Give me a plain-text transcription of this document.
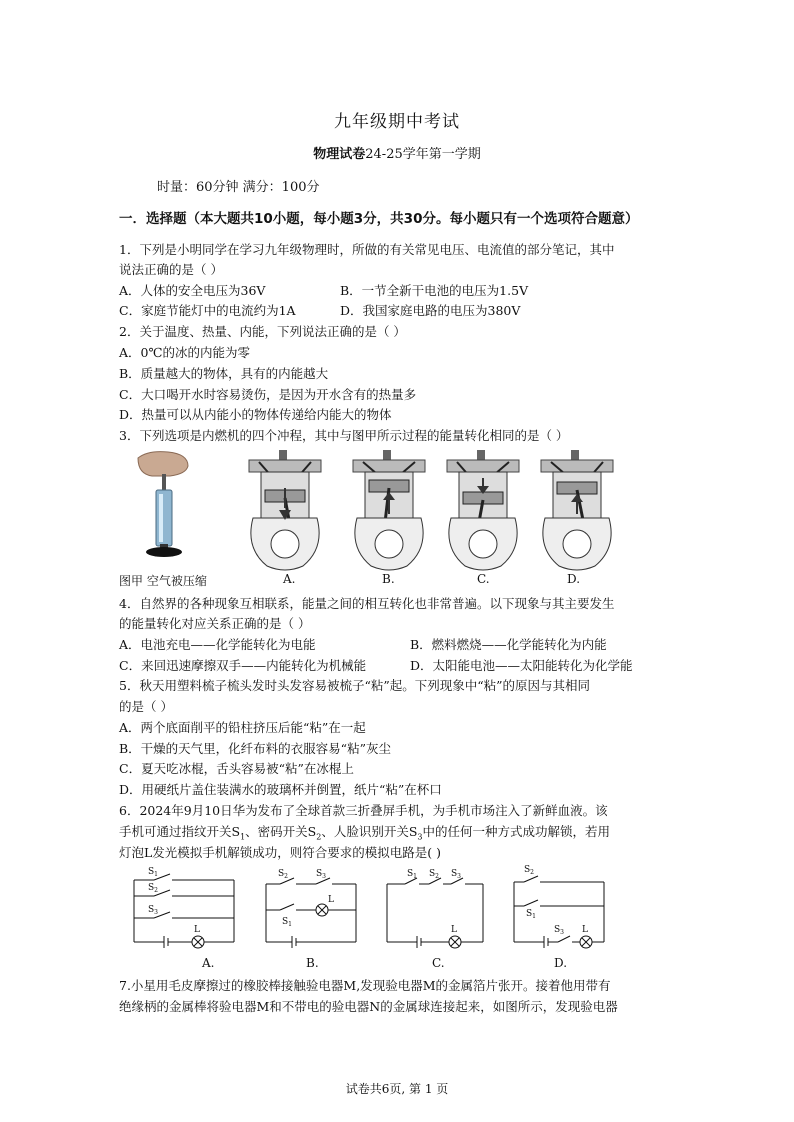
九年级期中考试
物理试卷24-25学年第一学期
时量：60分钟 满分：100分
一．选择题（本大题共10小题，每小题3分，共30分。每小题只有一个选项符合题意）
1．下列是小明同学在学习九年级物理时，所做的有关常见电压、电流值的部分笔记，其中
说法正确的是（ ）
A．人体的安全电压为36V	B．一节全新干电池的电压为1.5V
C．家庭节能灯中的电流约为1A	D．我国家庭电路的电压为380V
2．关于温度、热量、内能，下列说法正确的是（ ）
A．0℃的冰的内能为零
B．质量越大的物体，具有的内能越大
C．大口喝开水时容易烫伤，是因为开水含有的热量多
D．热量可以从内能小的物体传递给内能大的物体
3．下列选项是内燃机的四个冲程，其中与图甲所示过程的能量转化相同的是（ ）
图甲 空气被压缩	A.	B.	C.	D.
4．自然界的各种现象互相联系，能量之间的相互转化也非常普遍。以下现象与其主要发生
的能量转化对应关系正确的是（ ）
A．电池充电——化学能转化为电能	B．燃料燃烧——化学能转化为内能
C．来回迅速摩擦双手——内能转化为机械能	D．太阳能电池——太阳能转化为化学能
5．秋天用塑料梳子梳头发时头发容易被梳子“粘”起。下列现象中“粘”的原因与其相同
的是（ ）
A．两个底面削平的铅柱挤压后能“粘”在一起
B．干燥的天气里，化纤布料的衣服容易“粘”灰尘
C．夏天吃冰棍，舌头容易被“粘”在冰棍上
D．用硬纸片盖住装满水的玻璃杯并倒置，纸片“粘”在杯口
6．2024年9月10日华为发布了全球首款三折叠屏手机，为手机市场注入了新鲜血液。该
手机可通过指纹开关$S_1$、密码开关$S_2$、人脸识别开关$S_3$中的任何一种方式成功解锁，若用
灯泡L发光模拟手机解锁成功，则符合要求的模拟电路是( )
$S_1$
$S_2$
$S_3$
L
$S_2$	$S_3$
$S_1$
L
$S_1$ $S_2$ $S_3$
L
$S_2$
$S_1$
$S_3$ L
A.	B.	C.	D.
7.小星用毛皮摩擦过的橡胶棒接触验电器M,发现验电器M的金属箔片张开。接着他用带有
绝缘柄的金属棒将验电器M和不带电的验电器N的金属球连接起来，如图所示，发现验电器
试卷共6页, 第 1 页
